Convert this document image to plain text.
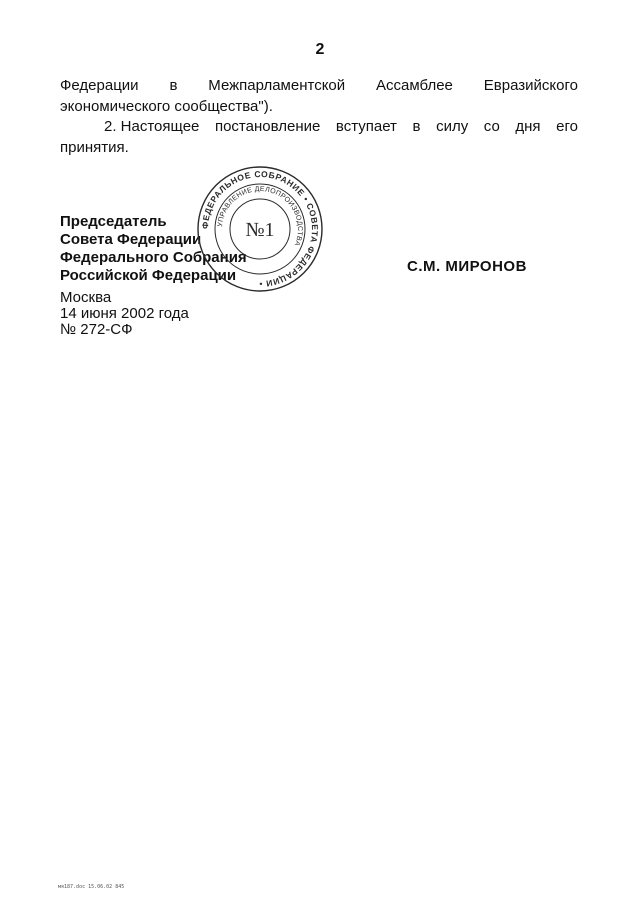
2
Федерации в Межпарламентской Ассамблее Евразийского
экономического сообщества").
2. Настоящее постановление вступает в силу со дня его
принятия.
Председатель
Совета Федерации
Федерального Собрания
Российской Федерации
С.М. МИРОНОВ
ФЕДЕРАЛЬНОЕ СОБРАНИЕ • СОВЕТА ФЕДЕРАЦИИ •
УПРАВЛЕНИЕ ДЕЛОПРОИЗВОДСТВА
№1
Москва
14 июня 2002 года
№ 272-СФ
мя187.doc 15.06.02 845
